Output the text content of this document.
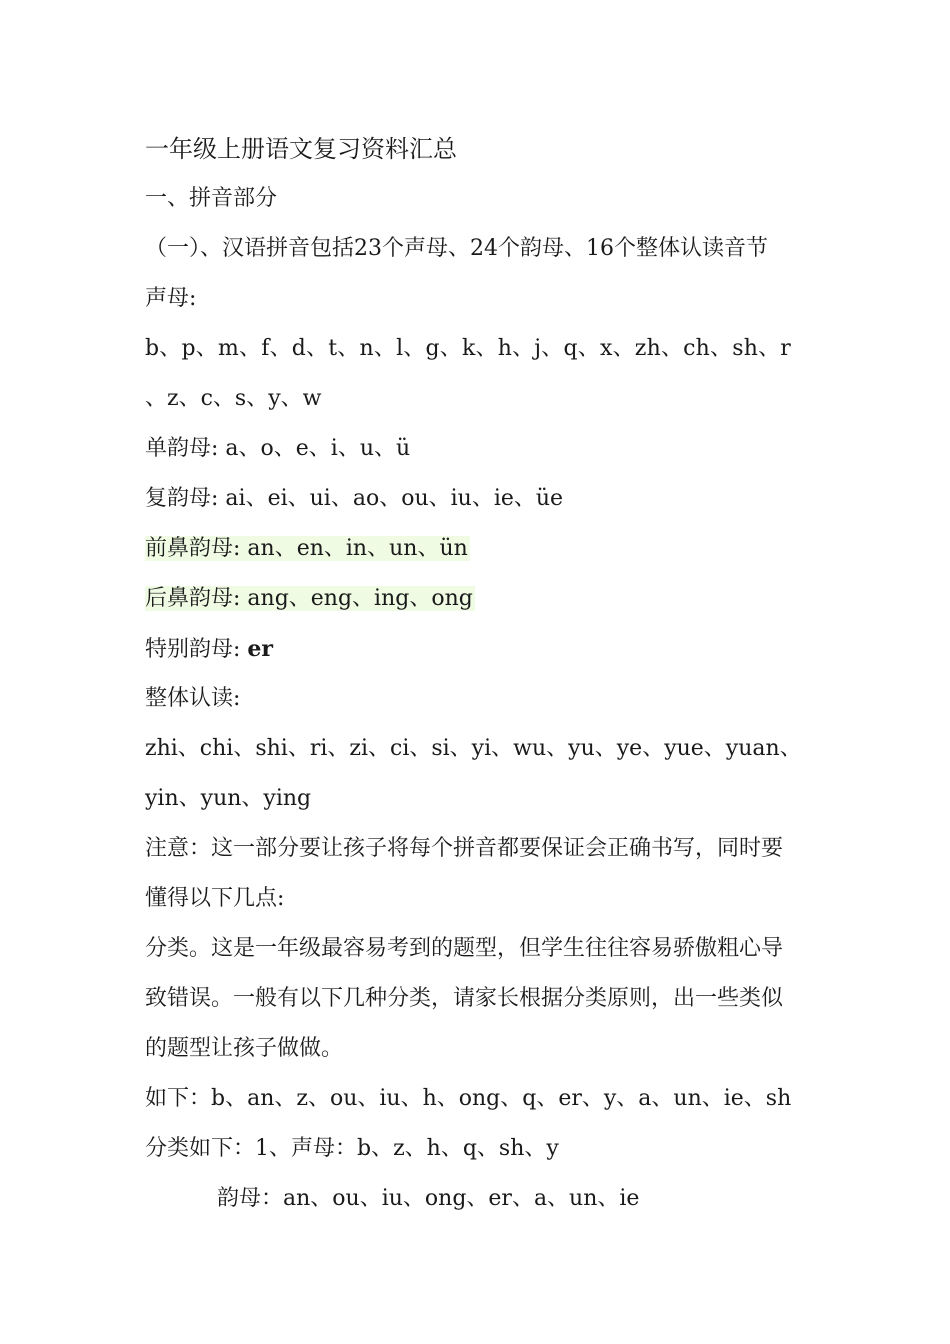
一年级上册语文复习资料汇总
一、拼音部分
（一）、汉语拼音包括23个声母、24个韵母、16个整体认读音节
声母:
b、p、m、f、d、t、n、l、g、k、h、j、q、x、zh、ch、sh、r
、z、c、s、y、w
单韵母: a、o、e、i、u、ü
复韵母: ai、ei、ui、ao、ou、iu、ie、üe
前鼻韵母: an、en、in、un、ün
后鼻韵母: ang、eng、ing、ong
特别韵母: er
整体认读:
zhi、chi、shi、ri、zi、ci、si、yi、wu、yu、ye、yue、yuan、
yin、yun、ying
注意：这一部分要让孩子将每个拼音都要保证会正确书写，同时要
懂得以下几点:
分类。这是一年级最容易考到的题型，但学生往往容易骄傲粗心导
致错误。一般有以下几种分类，请家长根据分类原则，出一些类似
的题型让孩子做做。
如下：b、an、z、ou、iu、h、ong、q、er、y、a、un、ie、sh
分类如下：1、声母：b、z、h、q、sh、y
韵母：an、ou、iu、ong、er、a、un、ie
